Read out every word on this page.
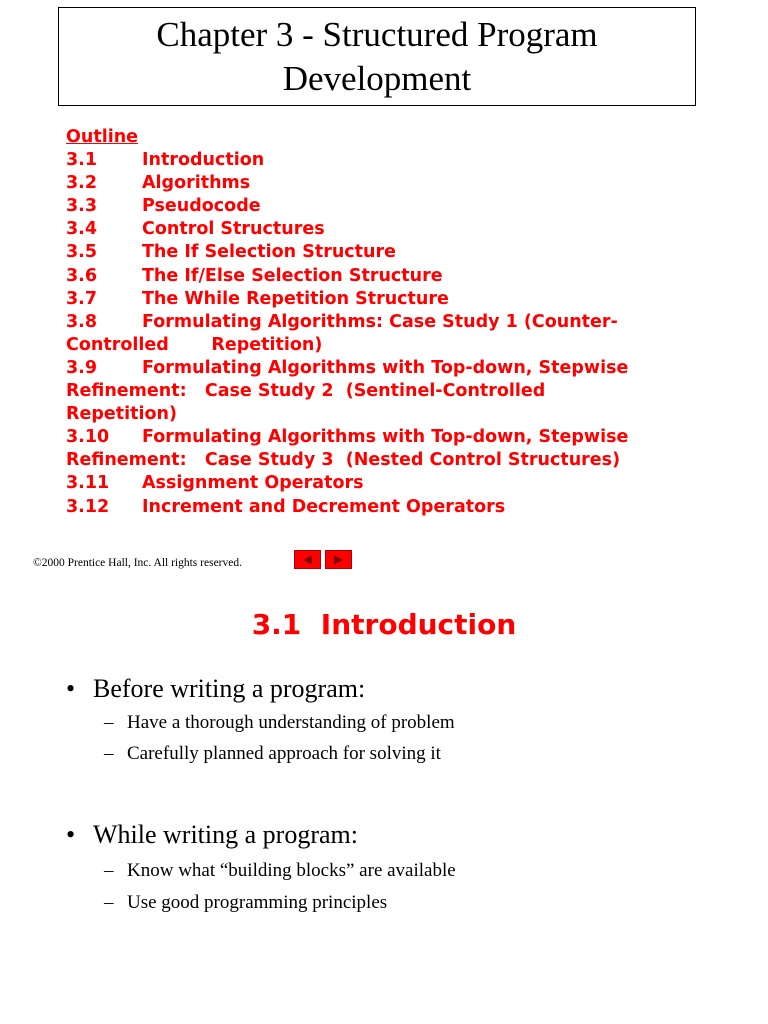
Chapter 3 - Structured Program
Development
Outline
3.1	Introduction
3.2	Algorithms
3.3	Pseudocode
3.4	Control Structures
3.5	The If Selection Structure
3.6	The If/Else Selection Structure
3.7	The While Repetition Structure
3.8	Formulating Algorithms: Case Study 1 (Counter-
Controlled       Repetition)
3.9	Formulating Algorithms with Top-down, Stepwise
Refinement:   Case Study 2  (Sentinel-Controlled
Repetition)
3.10 Formulating Algorithms with Top-down, Stepwise
Refinement:   Case Study 3  (Nested Control Structures)
3.11 Assignment Operators
3.12 Increment and Decrement Operators
©2000 Prentice Hall, Inc. All rights reserved.	◀ ▶
3.1  Introduction
• Before writing a program:
– Have a thorough understanding of problem
– Carefully planned approach for solving it
• While writing a program:
– Know what “building blocks” are available
– Use good programming principles
